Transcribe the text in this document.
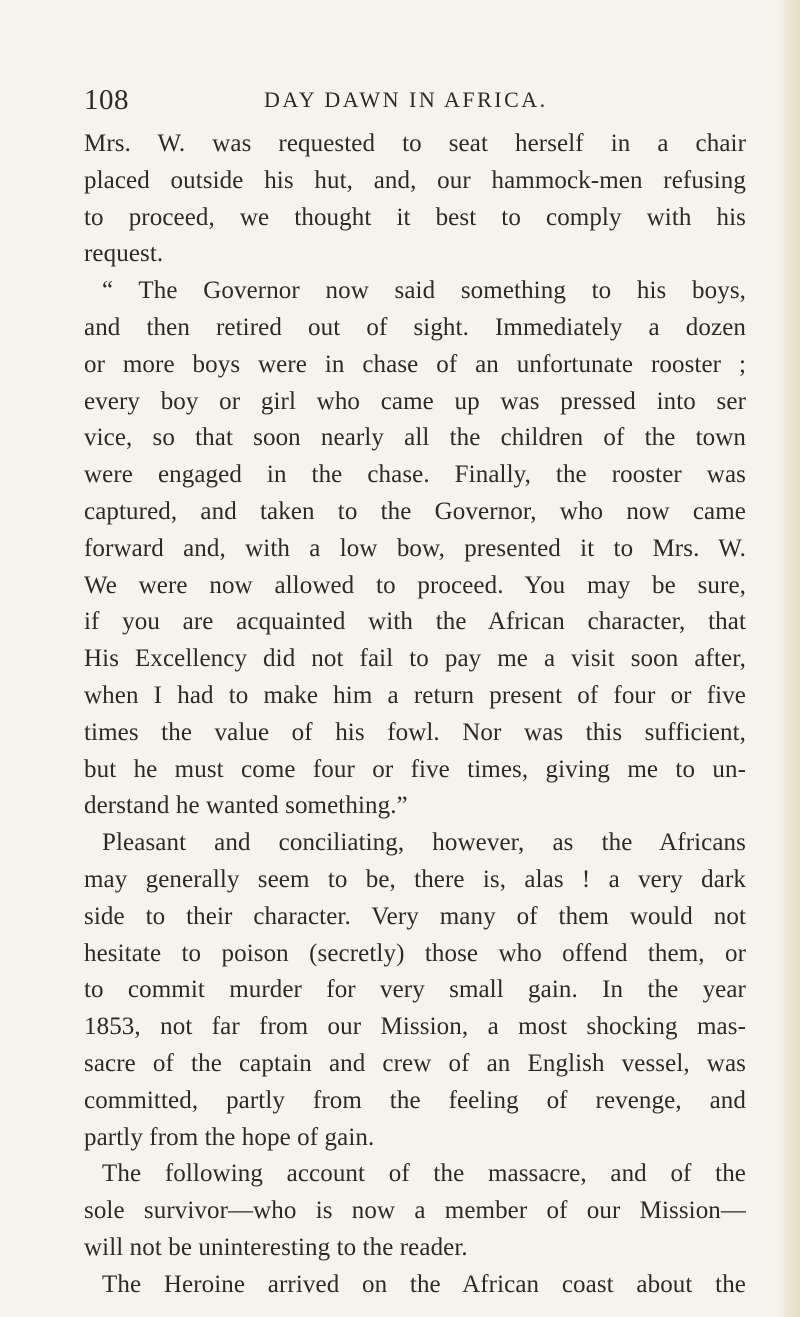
108	DAY DAWN IN AFRICA.
Mrs. W. was requested to seat herself in a chair
placed outside his hut, and, our hammock-men refusing
to proceed, we thought it best to comply with his
request.
“ The Governor now said something to his boys,
and then retired out of sight. Immediately a dozen
or more boys were in chase of an unfortunate rooster ;
every boy or girl who came up was pressed into ser
vice, so that soon nearly all the children of the town
were engaged in the chase. Finally, the rooster was
captured, and taken to the Governor, who now came
forward and, with a low bow, presented it to Mrs. W.
We were now allowed to proceed. You may be sure,
if you are acquainted with the African character, that
His Excellency did not fail to pay me a visit soon after,
when I had to make him a return present of four or five
times the value of his fowl. Nor was this sufficient,
but he must come four or five times, giving me to un-
derstand he wanted something.”
Pleasant and conciliating, however, as the Africans
may generally seem to be, there is, alas ! a very dark
side to their character. Very many of them would not
hesitate to poison (secretly) those who offend them, or
to commit murder for very small gain. In the year
1853, not far from our Mission, a most shocking mas-
sacre of the captain and crew of an English vessel, was
committed, partly from the feeling of revenge, and
partly from the hope of gain.
The following account of the massacre, and of the
sole survivor—who is now a member of our Mission—
will not be uninteresting to the reader.
The Heroine arrived on the African coast about the
